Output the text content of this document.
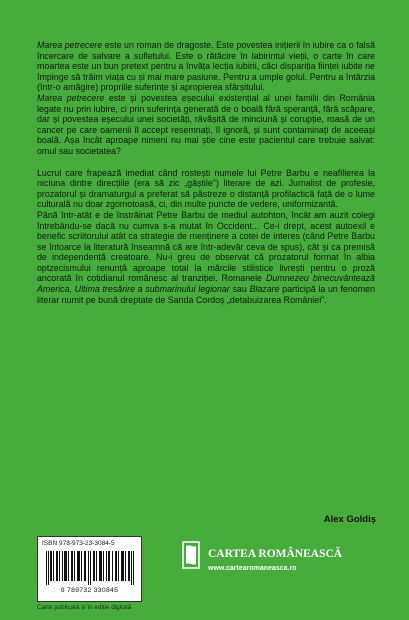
Marea petrecere este un roman de dragoste. Este povestea inițierii în iubire ca o falsă încercare de salvare a sufletului. Este o rătăcire în labirintul vieții, o carte în care moartea este un bun pretext pentru a învăța lecția iubirii, căci dispariția ființei iubite ne împinge să trăim viața cu și mai mare pasiune. Pentru a umple golul. Pentru a întârzia (într-o amăgire) propriile suferințe și apropierea sfârșitului.

Marea petrecere este și povestea eșecului existențial al unei familii din România legate nu prin iubire, ci prin suferința generată de o boală fără speranță, fără scăpare, dar și povestea eșecului unei societăți, răvășită de minciună și corupție, roasă de un cancer pe care oamenii îl accept resemnați, îl ignoră, și sunt contaminați de aceeași boală. Așa încât aproape nimeni nu mai știe cine este pacientul care trebuie salvat: omul sau societatea?

Lucrul care frapează imediat când rostești numele lui Petre Barbu e neafilierea la niciuna dintre direcțiile (era să zic „găștile") literare de azi. Jurnalist de profesie, prozatorul și dramaturgul a preferat să păstreze o distanță profilactică față de o lume culturală nu doar zgomotoasă, ci, din multe puncte de vedere, uniformizantă.

Până într-atât e de înstrăinat Petre Barbu de mediul autohton, încât am auzit colegi întrebându-se dacă nu cumva s-a mutat în Occident... Ce-i drept, acest autoexil e benefic scriitorului atât ca strategie de menținere a cotei de interes (când Petre Barbu se întoarce la literatură înseamnă că are într-adevăr ceva de spus), cât și ca premisă de independență creatoare. Nu-i greu de observat că prozatorul format în albia optzecismului renunță aproape total la mărcile stilistice livrești pentru o proză ancorată în cotidianul românesc al tranziției. Romanele Dumnezeu binecuvântează America, Ultima tresărire a submarinului legionar sau Blazare participă la un fenomen literar numit pe bună dreptate de Sanda Cordoș „detabuizarea României".

Alex Goldiș
ISBN 978-973-23-3084-5
9 789732 330845
Carte publicată și în ediție digitală
CARTEA ROMÂNEASCĂ
www.cartearomaneasca.ro
